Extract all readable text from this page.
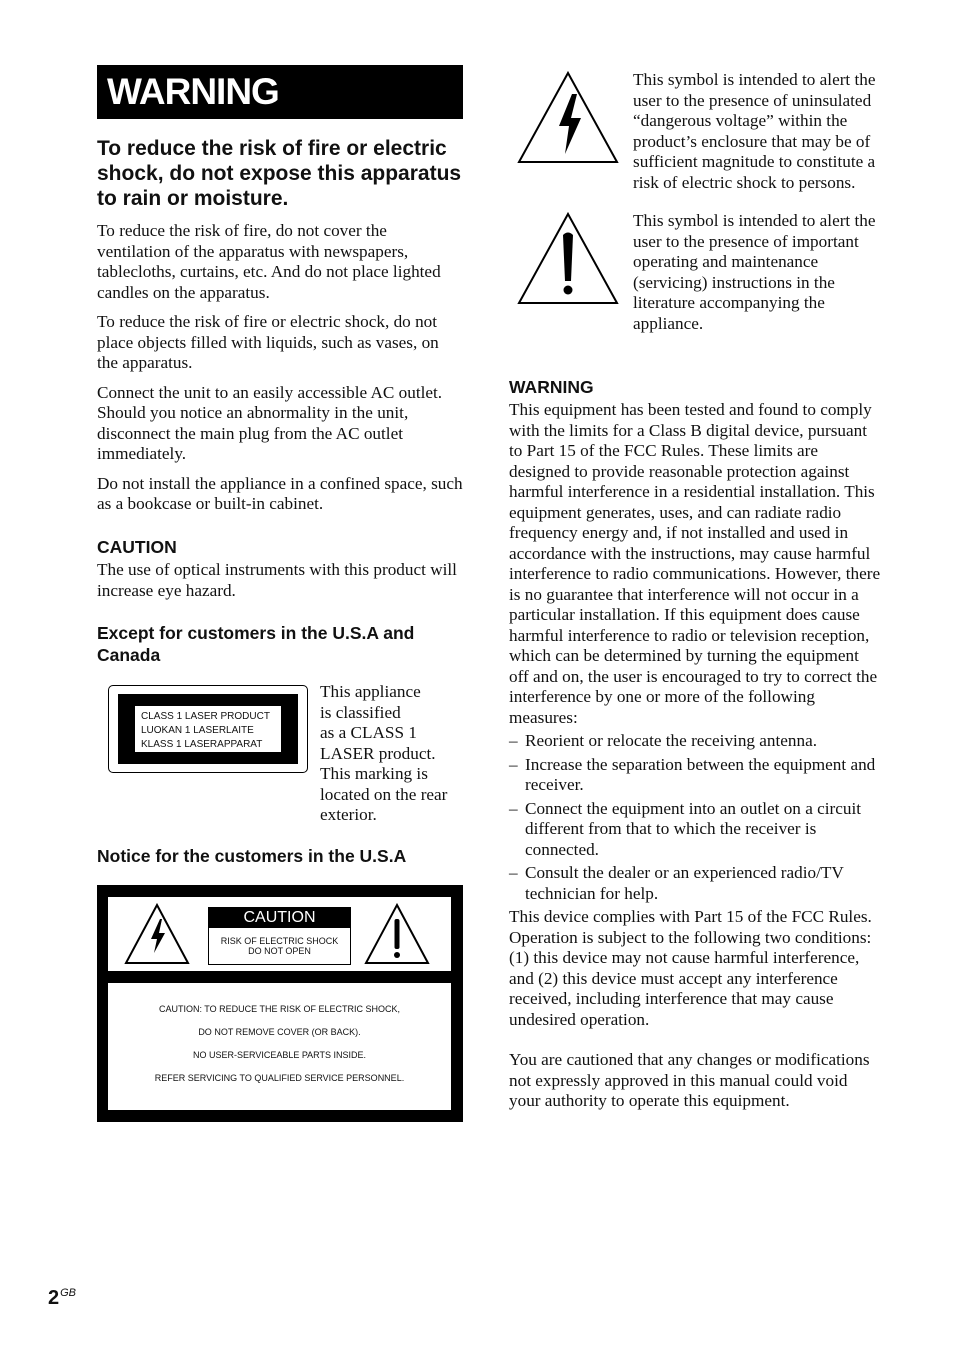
WARNING
To reduce the risk of fire or electric shock, do not expose this apparatus to rain or moisture.

To reduce the risk of fire, do not cover the ventilation of the apparatus with newspapers, tablecloths, curtains, etc. And do not place lighted candles on the apparatus.

To reduce the risk of fire or electric shock, do not place objects filled with liquids, such as vases, on the apparatus.

Connect the unit to an easily accessible AC outlet. Should you notice an abnormality in the unit, disconnect the main plug from the AC outlet immediately.

Do not install the appliance in a confined space, such as a bookcase or built-in cabinet.

CAUTION

The use of optical instruments with this product will increase eye hazard.

Except for customers in the U.S.A and Canada
CLASS 1 LASER PRODUCT
LUOKAN 1 LASERLAITE
KLASS 1 LASERAPPARAT
This appliance
is classified
as a CLASS 1
LASER product.
This marking is
located on the rear
exterior.
Notice for the customers in the U.S.A
CAUTION
RISK OF ELECTRIC SHOCK
DO NOT OPEN
CAUTION: TO REDUCE THE RISK OF ELECTRIC SHOCK,
DO NOT REMOVE COVER (OR BACK).
NO USER-SERVICEABLE PARTS INSIDE.
REFER SERVICING TO QUALIFIED SERVICE PERSONNEL.
This symbol is intended to alert the user to the presence of uninsulated “dangerous voltage” within the product’s enclosure that may be of sufficient magnitude to constitute a risk of electric shock to persons.
This symbol is intended to alert the user to the presence of important operating and maintenance (servicing) instructions in the literature accompanying the appliance.
WARNING

This equipment has been tested and found to comply with the limits for a Class B digital device, pursuant to Part 15 of the FCC Rules. These limits are designed to provide reasonable protection against harmful interference in a residential installation. This equipment generates, uses, and can radiate radio frequency energy and, if not installed and used in accordance with the instructions, may cause harmful interference to radio communications. However, there is no guarantee that interference will not occur in a particular installation. If this equipment does cause harmful interference to radio or television reception, which can be determined by turning the equipment off and on, the user is encouraged to try to correct the interference by one or more of the following measures:

– Reorient or relocate the receiving antenna.
– Increase the separation between the equipment and receiver.
– Connect the equipment into an outlet on a circuit different from that to which the receiver is connected.
– Consult the dealer or an experienced radio/TV technician for help.

This device complies with Part 15 of the FCC Rules. Operation is subject to the following two conditions:

(1) this device may not cause harmful interference, and (2) this device must accept any interference received, including interference that may cause undesired operation.

You are cautioned that any changes or modifications not expressly approved in this manual could void your authority to operate this equipment.

$2^{GB}$
